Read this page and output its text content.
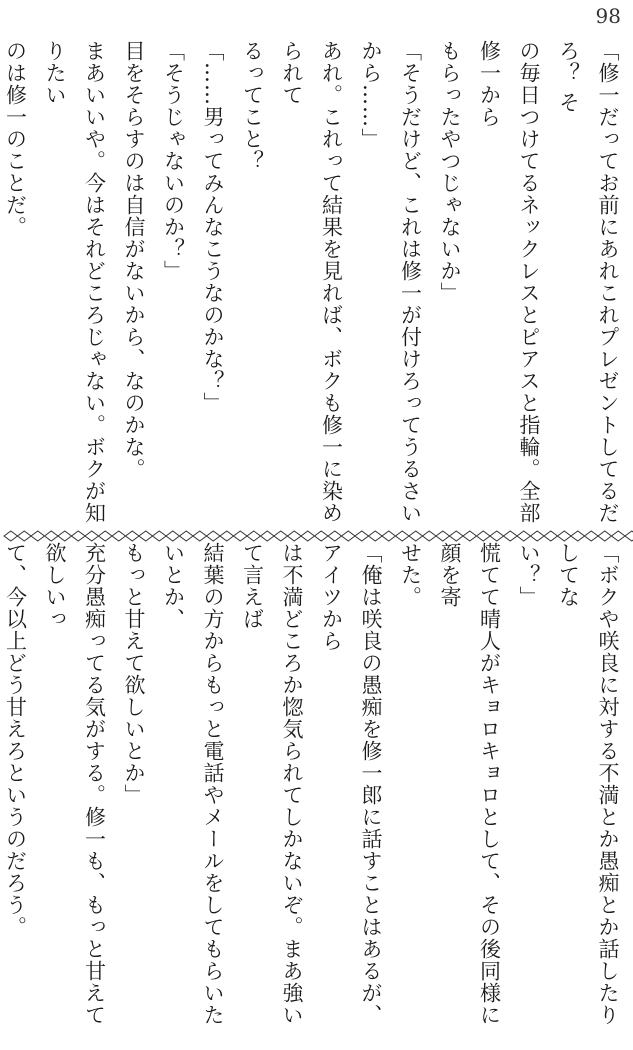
98

「修一だってお前にあれこれプレゼントしてるだろ？ そ

の毎日つけてるネックレスとピアスと指輪。全部修一から

もらったやつじゃないか」

「そうだけど、これは修一が付けろってうるさいから……」

あれ。これって結果を見れば、ボクも修一に染められて

るってこと？

「……男ってみんなこうなのかな？」

「そうじゃないのか？」

目をそらすのは自信がないから、なのかな。

まあいいや。今はそれどころじゃない。ボクが知りたい

のは修一のことだ。

「ボクや咲良に対する不満とか愚痴とか話したりしてな

い？」

慌てて晴人がキョロキョロとして、その後同様に顔を寄

せた。

「俺は咲良の愚痴を修一郎に話すことはあるが、アイツから

は不満どころか惚気られてしかないぞ。まあ強いて言えば

結葉の方からもっと電話やメールをしてもらいたいとか、

もっと甘えて欲しいとか」

充分愚痴ってる気がする。修一も、もっと甘えて欲しいっ

て、今以上どう甘えろというのだろう。
